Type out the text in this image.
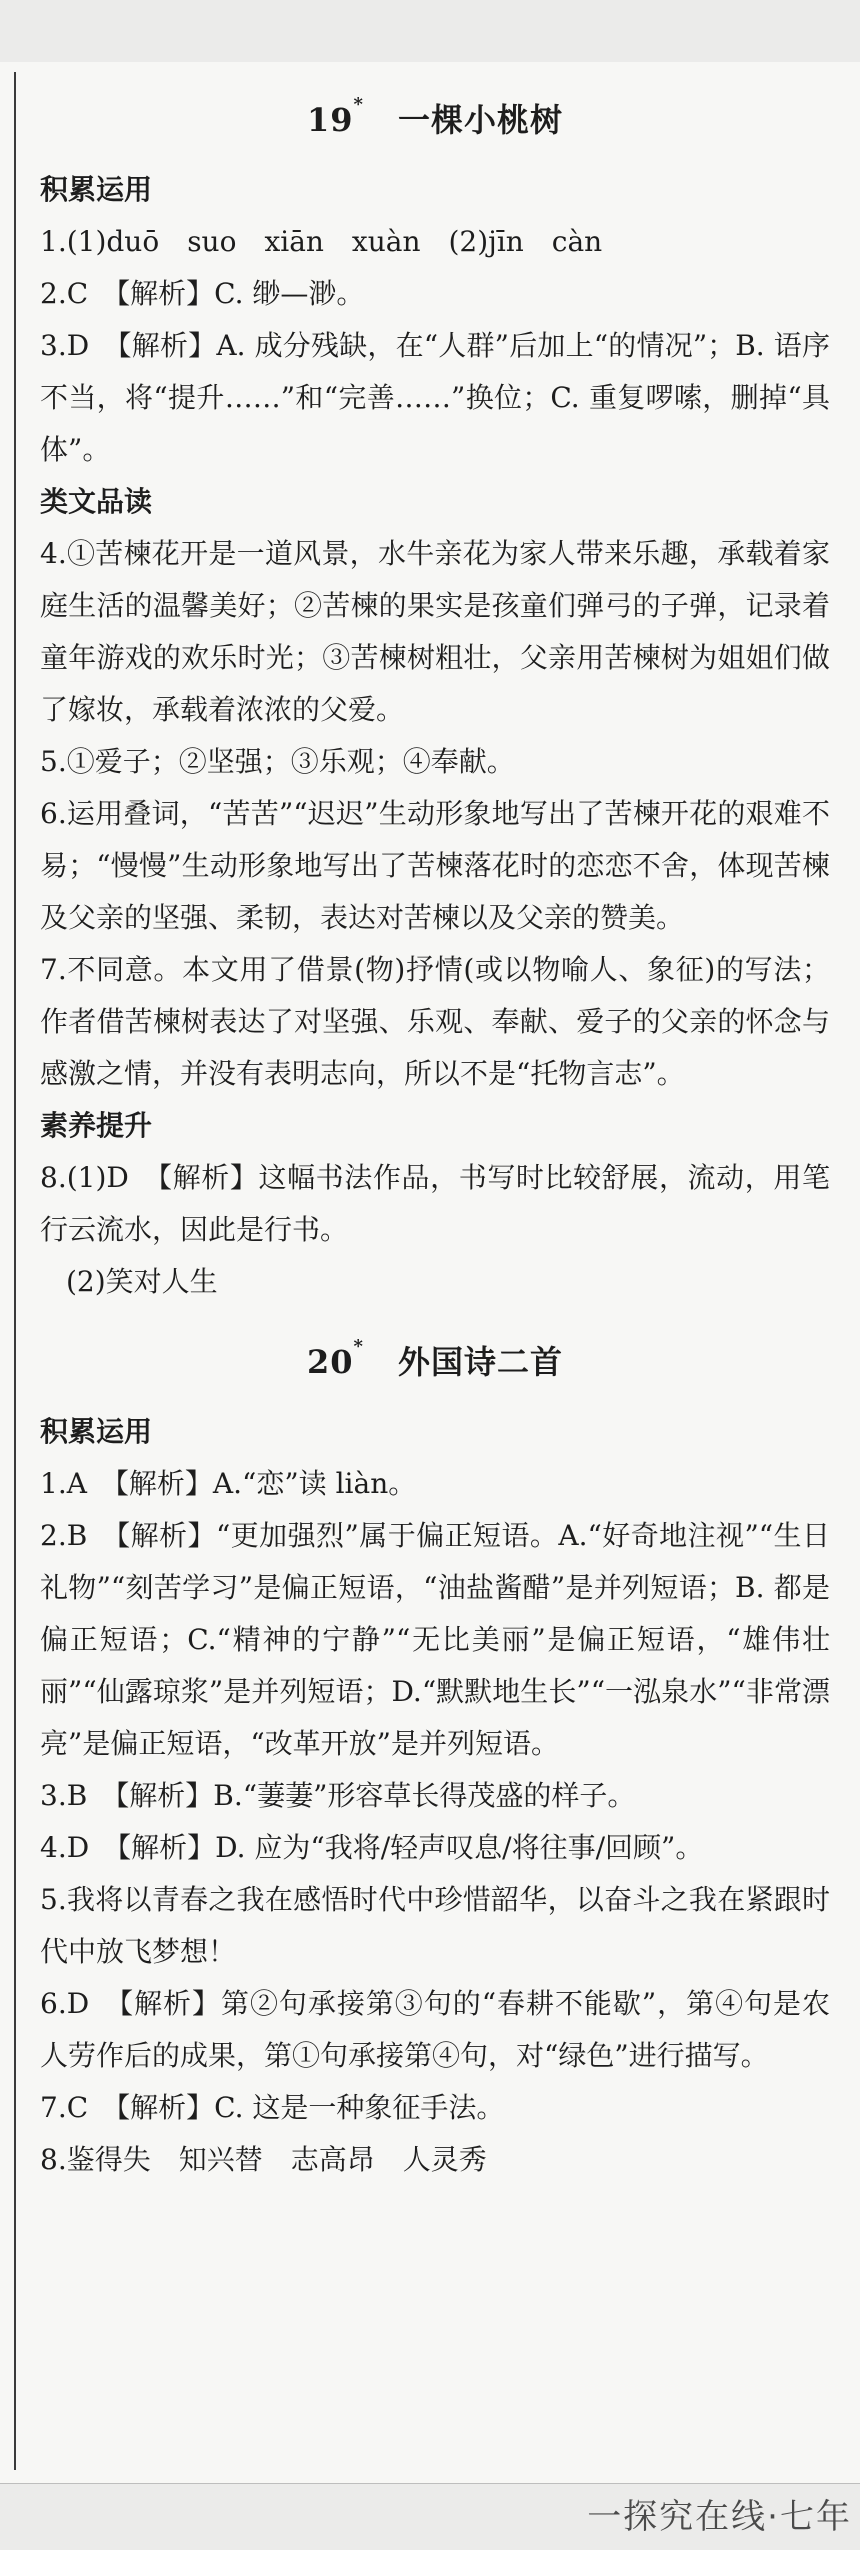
19* 一棵小桃树
积累运用

1.(1)duō　suo　xiān　xuàn　(2)jīn　càn

2.C　【解析】C. 缈—渺。

3.D　【解析】A. 成分残缺，在“人群”后加上“的情况”；B. 语序不当，将“提升……”和“完善……”换位；C. 重复啰嗦，删掉“具体”。

类文品读

4.①苦楝花开是一道风景，水牛亲花为家人带来乐趣，承载着家庭生活的温馨美好；②苦楝的果实是孩童们弹弓的子弹，记录着童年游戏的欢乐时光；③苦楝树粗壮，父亲用苦楝树为姐姐们做了嫁妆，承载着浓浓的父爱。

5.①爱子；②坚强；③乐观；④奉献。

6.运用叠词，“苦苦”“迟迟”生动形象地写出了苦楝开花的艰难不易；“慢慢”生动形象地写出了苦楝落花时的恋恋不舍，体现苦楝及父亲的坚强、柔韧，表达对苦楝以及父亲的赞美。

7.不同意。本文用了借景(物)抒情(或以物喻人、象征)的写法；作者借苦楝树表达了对坚强、乐观、奉献、爱子的父亲的怀念与感激之情，并没有表明志向，所以不是“托物言志”。

素养提升

8.(1)D　【解析】这幅书法作品，书写时比较舒展，流动，用笔行云流水，因此是行书。

(2)笑对人生

20* 外国诗二首
积累运用

1.A　【解析】A.“恋”读 liàn。

2.B　【解析】“更加强烈”属于偏正短语。A.“好奇地注视”“生日礼物”“刻苦学习”是偏正短语，“油盐酱醋”是并列短语；B. 都是偏正短语；C.“精神的宁静”“无比美丽”是偏正短语，“雄伟壮丽”“仙露琼浆”是并列短语；D.“默默地生长”“一泓泉水”“非常漂亮”是偏正短语，“改革开放”是并列短语。

3.B　【解析】B.“萋萋”形容草长得茂盛的样子。

4.D　【解析】D. 应为“我将/轻声叹息/将往事/回顾”。

5.我将以青春之我在感悟时代中珍惜韶华，以奋斗之我在紧跟时代中放飞梦想！

6.D　【解析】第②句承接第③句的“春耕不能歇”，第④句是农人劳作后的成果，第①句承接第④句，对“绿色”进行描写。

7.C　【解析】C. 这是一种象征手法。

8.鉴得失　知兴替　志高昂　人灵秀

一探究在线·七年
